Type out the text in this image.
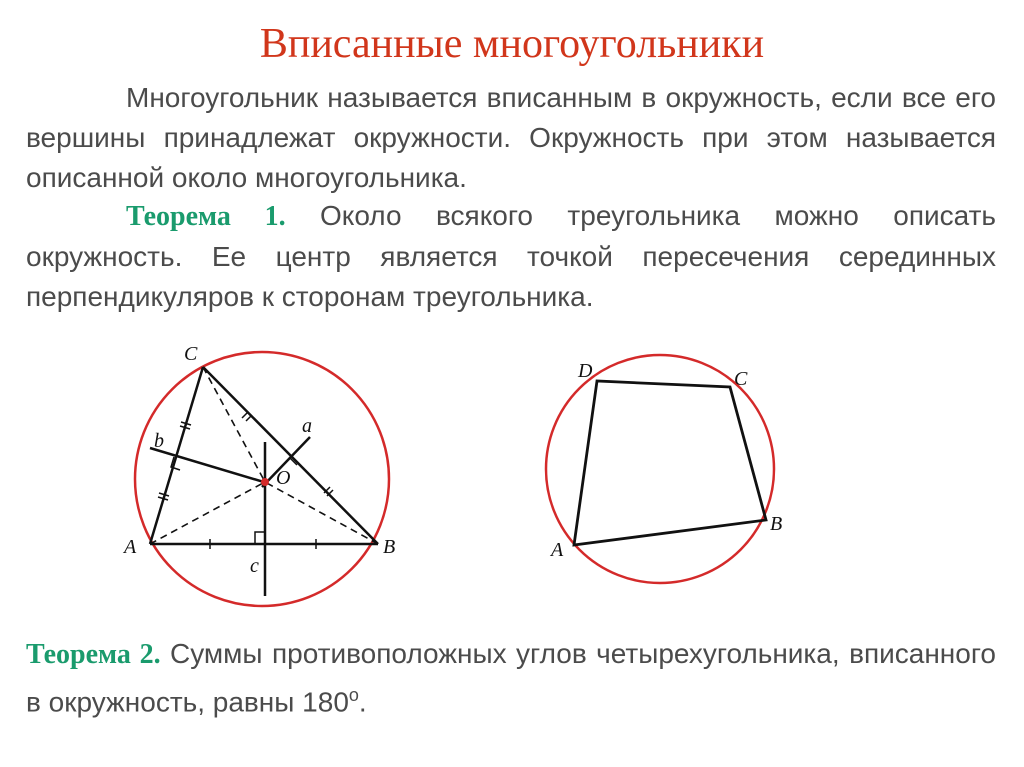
Вписанные многоугольники
Многоугольник называется вписанным в окружность, если все его вершины принадлежат окружности. Окружность при этом называется описанной около многоугольника.
Теорема 1. Около всякого треугольника можно описать окружность. Ее центр является точкой пересечения серединных перпендикуляров к сторонам треугольника.
C
A	B
O
a
b
c
D	C
B
A
Теорема 2. Суммы противоположных углов четырехугольника, вписанного в окружность, равны 180$^o$.
